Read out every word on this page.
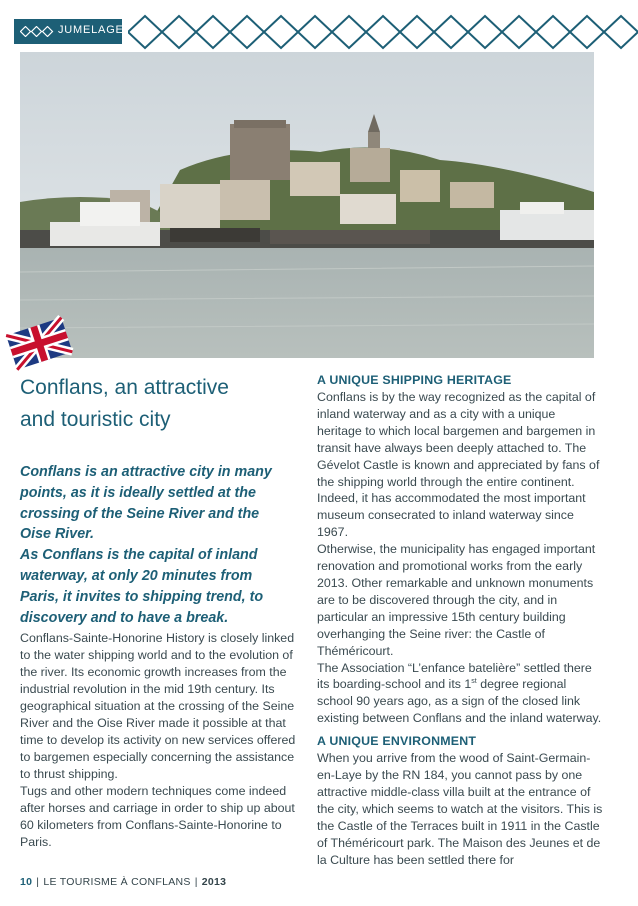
JUMELAGE
Conflans, an attractive
and touristic city

Conflans is an attractive city in many points, as it is ideally settled at the crossing of the Seine River and the Oise River.

As Conflans is the capital of inland waterway, at only 20 minutes from Paris, it invites to shipping trend, to discovery and to have a break.

Conflans-Sainte-Honorine History is closely linked to the water shipping world and to the evolution of the river. Its economic growth increases from the industrial revolution in the mid 19th century. Its geographical situation at the crossing of the Seine River and the Oise River made it possible at that time to develop its activity on new services offered to bargemen especially concerning the assistance to thrust shipping.

Tugs and other modern techniques come indeed after horses and carriage in order to ship up about 60 kilometers from Conflans-Sainte-Honorine to Paris.

A UNIQUE SHIPPING HERITAGE

Conflans is by the way recognized as the capital of inland waterway and as a city with a unique heritage to which local bargemen and bargemen in transit have always been deeply attached to. The Gévelot Castle is known and appreciated by fans of the shipping world through the entire continent. Indeed, it has accommodated the most important museum consecrated to inland waterway since 1967.

Otherwise, the municipality has engaged important renovation and promotional works from the early 2013. Other remarkable and unknown monuments are to be discovered through the city, and in particular an impressive 15th century building overhanging the Seine river: the Castle of Théméricourt.

The Association “L’enfance batelière” settled there its boarding-school and its 1st degree regional school 90 years ago, as a sign of the closed link existing between Conflans and the inland waterway.

A UNIQUE ENVIRONMENT

When you arrive from the wood of Saint-Germain-en-Laye by the RN 184, you cannot pass by one attractive middle-class villa built at the entrance of the city, which seems to watch at the visitors. This is the Castle of the Terraces built in 1911 in the Castle of Théméricourt park. The Maison des Jeunes et de la Culture has been settled there for

10 | LE TOURISME À CONFLANS | 2013
